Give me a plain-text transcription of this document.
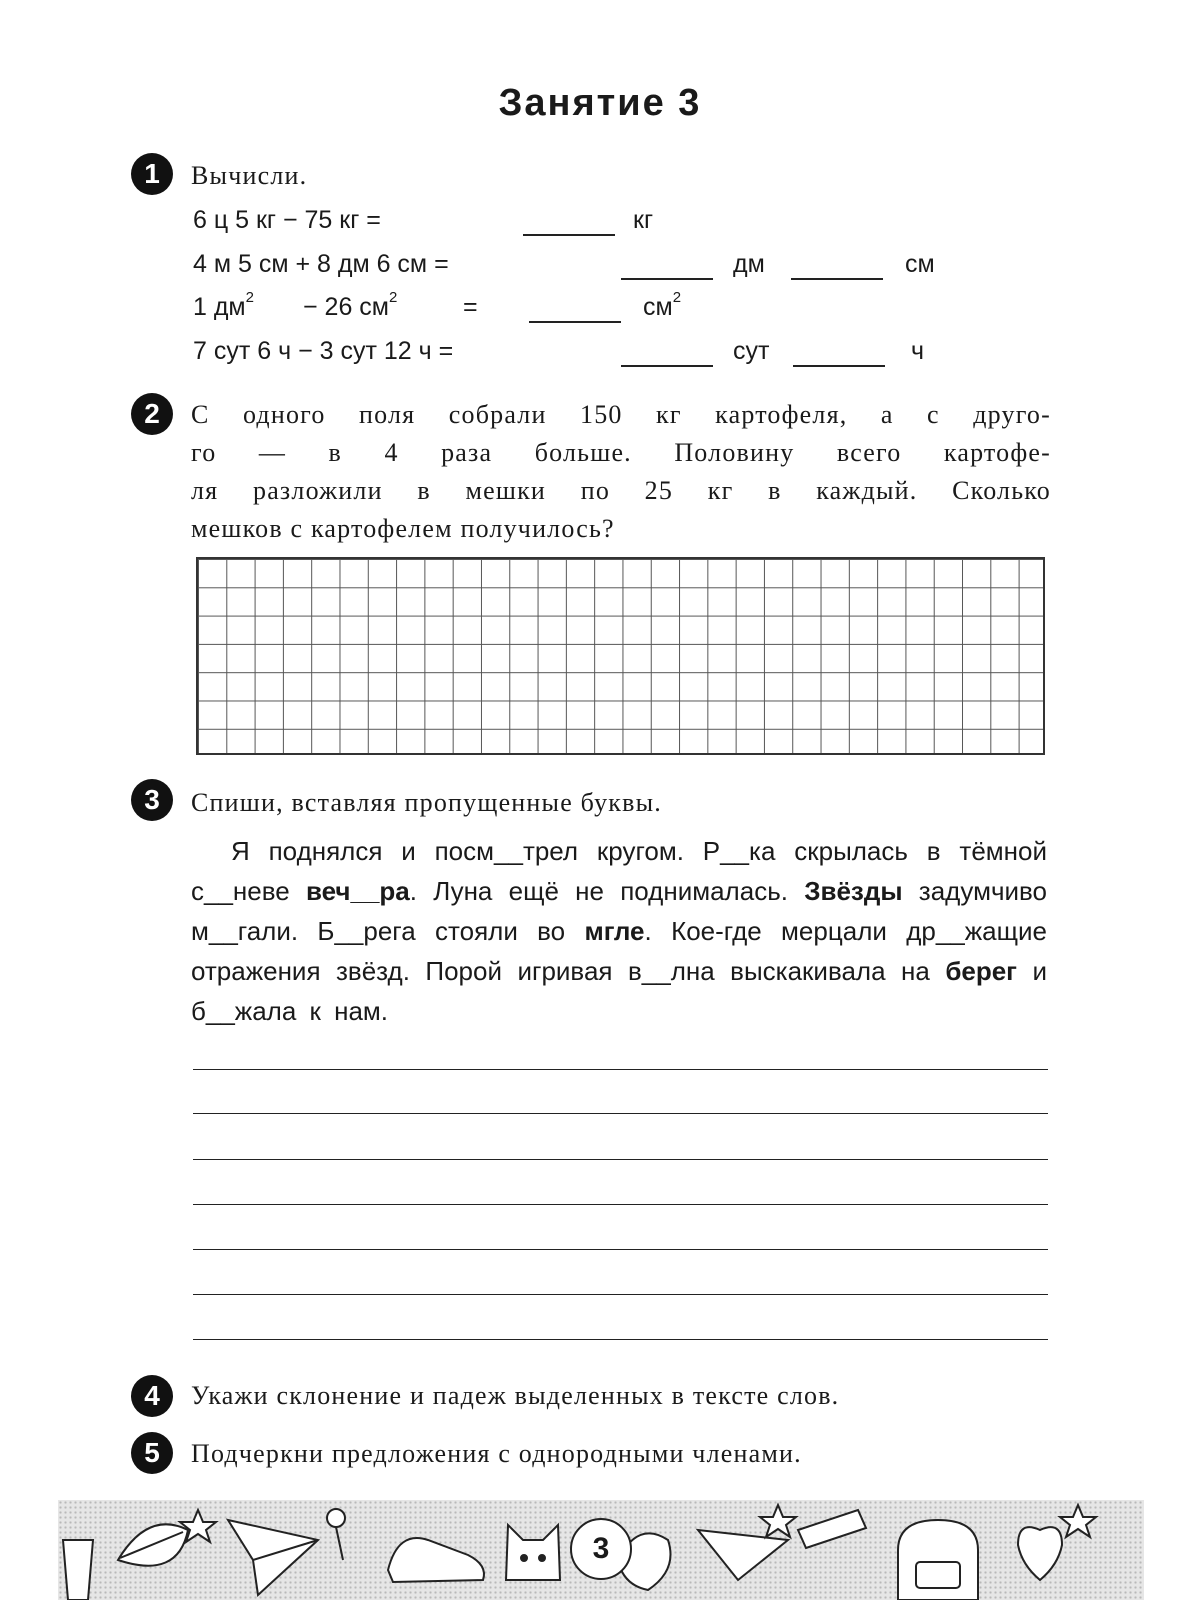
Занятие 3
1	Вычисли.
6 ц 5 кг − 75 кг =	кг
4 м 5 см + 8 дм 6 см =	дм	см
1 $дм^2 - 26$ $см^2$	=	$см^2$
7 сут 6 ч − 3 сут 12 ч =	сут	ч
2	С одного поля собрали 150 кг картофеля, а с друго-
го — в 4 раза больше. Половину всего картофе-
ля разложили в мешки по 25 кг в каждый. Сколько
мешков с картофелем получилось?
3	Спиши, вставляя пропущенные буквы.
Я поднялся и посм__трел кругом. Р__ка скрылась в тёмной с__неве веч__ра. Луна ещё не поднималась. Звёзды задумчиво м__гали. Б__рега стояли во мгле. Кое-где мерцали др__жащие отражения звёзд. Порой игривая в__лна выскакивала на берег и б__жала к нам.
4	Укажи склонение и падеж выделенных в тексте слов.
5	Подчеркни предложения с однородными членами.
3
